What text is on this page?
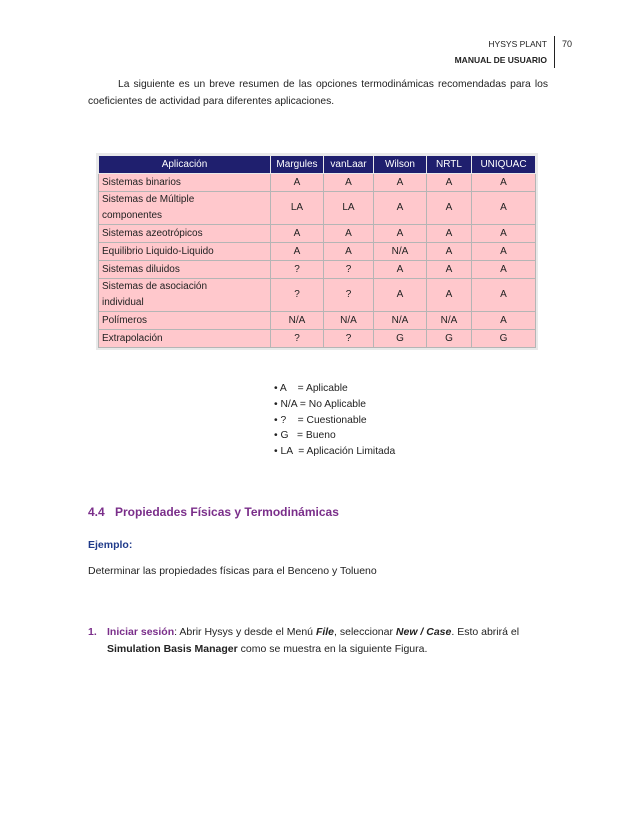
HYSYS PLANT
MANUAL DE USUARIO
70
La siguiente es un breve resumen de las opciones termodinámicas recomendadas para los coeficientes de actividad para diferentes aplicaciones.
Aplicación	Margules	vanLaar	Wilson	NRTL	UNIQUAC
Sistemas binarios	A	A	A	A	A
Sistemas de Múltiple
componentes	LA	LA	A	A	A
Sistemas azeotrópicos	A	A	A	A	A
Equilibrio Liquido-Liquido	A	A	N/A	A	A
Sistemas diluidos	?	?	A	A	A
Sistemas de asociación
individual	?	?	A	A	A
Polímeros	N/A	N/A	N/A	N/A	A
Extrapolación	?	?	G	G	G
• A    = Aplicable
• N/A = No Aplicable
• ?    = Cuestionable
• G   = Bueno
• LA  = Aplicación Limitada
4.4 Propiedades Físicas y Termodinámicas
Ejemplo:
Determinar las propiedades físicas para el Benceno y Tolueno
1. Iniciar sesión: Abrir Hysys y desde el Menú File, seleccionar New / Case. Esto abrirá el
Simulation Basis Manager como se muestra en la siguiente Figura.
